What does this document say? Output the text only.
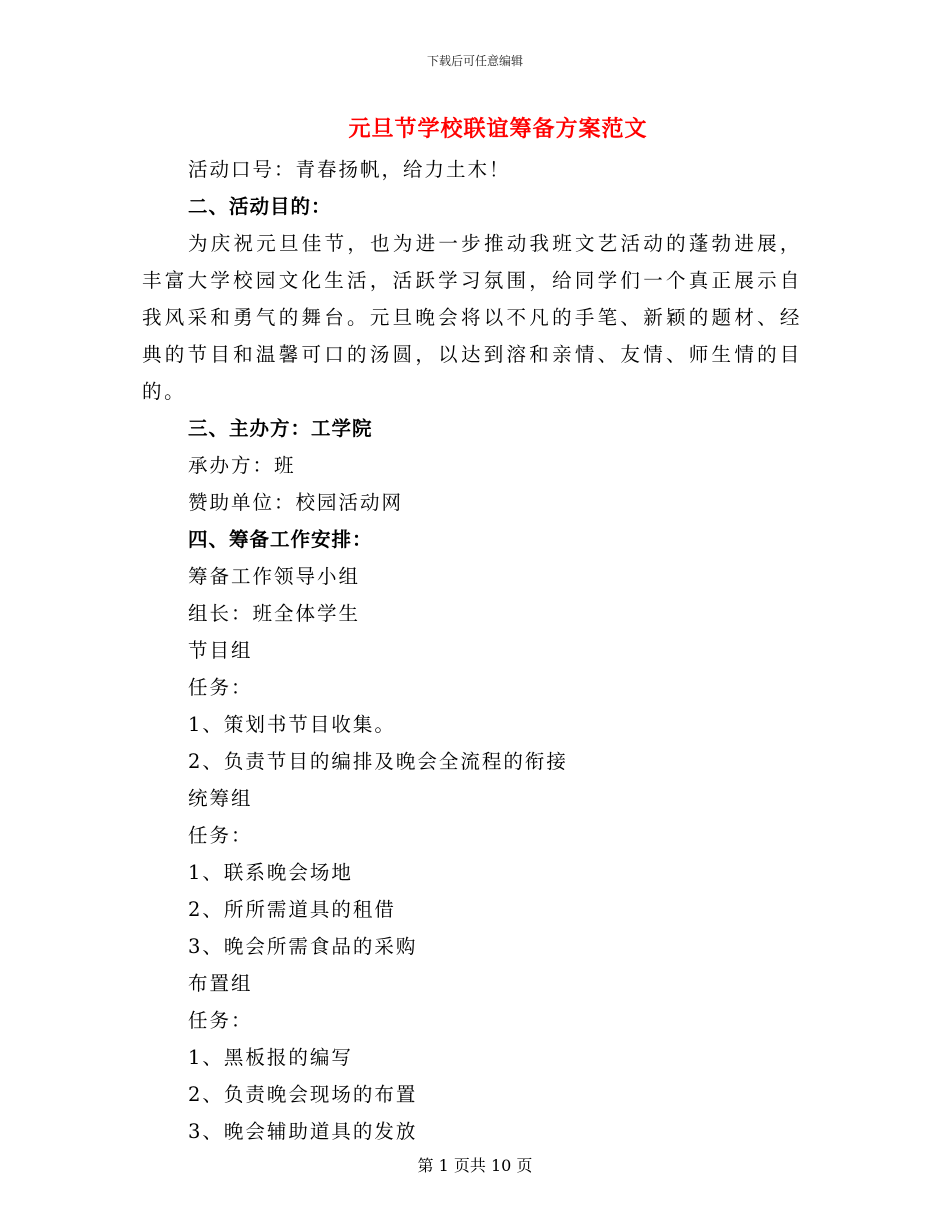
下载后可任意编辑
元旦节学校联谊筹备方案范文
活动口号：青春扬帆，给力土木！
二、活动目的：
为庆祝元旦佳节，也为进一步推动我班文艺活动的蓬勃进展，丰富大学校园文化生活，活跃学习氛围，给同学们一个真正展示自我风采和勇气的舞台。元旦晚会将以不凡的手笔、新颖的题材、经典的节目和温馨可口的汤圆，以达到溶和亲情、友情、师生情的目的。
三、主办方：工学院
承办方：班
赞助单位：校园活动网
四、筹备工作安排：
筹备工作领导小组
组长：班全体学生
节目组
任务：
1、策划书节目收集。
2、负责节目的编排及晚会全流程的衔接
统筹组
任务：
1、联系晚会场地
2、所所需道具的租借
3、晚会所需食品的采购
布置组
任务：
1、黑板报的编写
2、负责晚会现场的布置
3、晚会辅助道具的发放
第 1 页共 10 页
